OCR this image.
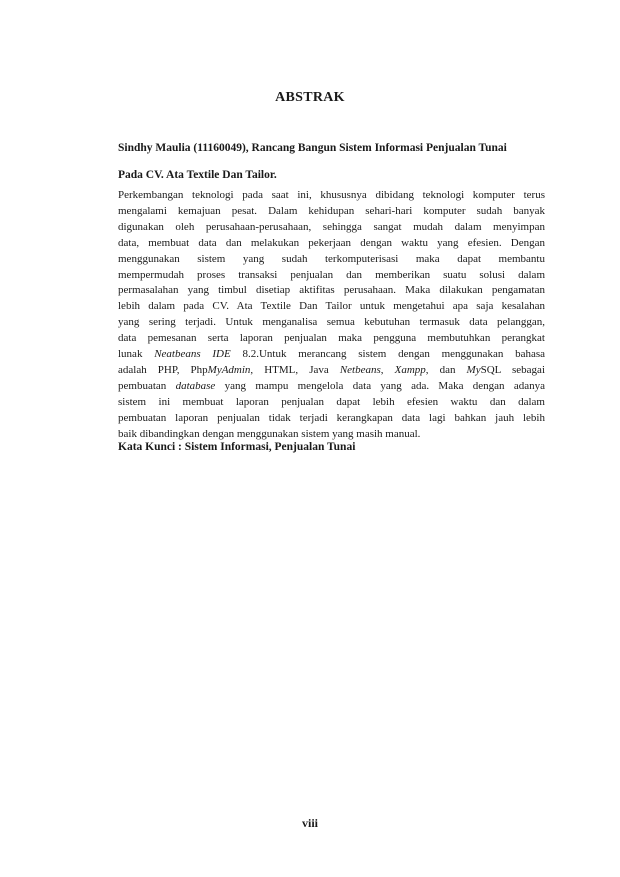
ABSTRAK
Sindhy Maulia (11160049), Rancang Bangun Sistem Informasi Penjualan Tunai
Pada CV. Ata Textile Dan Tailor.
Perkembangan teknologi pada saat ini, khususnya dibidang teknologi komputer terus
mengalami kemajuan pesat. Dalam kehidupan sehari-hari komputer sudah banyak
digunakan oleh perusahaan-perusahaan, sehingga sangat mudah dalam menyimpan
data, membuat data dan melakukan pekerjaan dengan waktu yang efesien. Dengan
menggunakan sistem yang sudah terkomputerisasi maka dapat membantu
mempermudah proses transaksi penjualan dan memberikan suatu solusi dalam
permasalahan yang timbul disetiap aktifitas perusahaan. Maka dilakukan pengamatan
lebih dalam pada CV. Ata Textile Dan Tailor untuk mengetahui apa saja kesalahan
yang sering terjadi. Untuk menganalisa semua kebutuhan termasuk data pelanggan,
data pemesanan serta laporan penjualan maka pengguna membutuhkan perangkat
lunak Neatbeans IDE 8.2.Untuk merancang sistem dengan menggunakan bahasa
adalah PHP, PhpMyAdmin, HTML, Java Netbeans, Xampp, dan MySQL sebagai
pembuatan database yang mampu mengelola data yang ada. Maka dengan adanya
sistem ini membuat laporan penjualan dapat lebih efesien waktu dan dalam
pembuatan laporan penjualan tidak terjadi kerangkapan data lagi bahkan jauh lebih
baik dibandingkan dengan menggunakan sistem yang masih manual.
Kata Kunci : Sistem Informasi, Penjualan Tunai
viii
